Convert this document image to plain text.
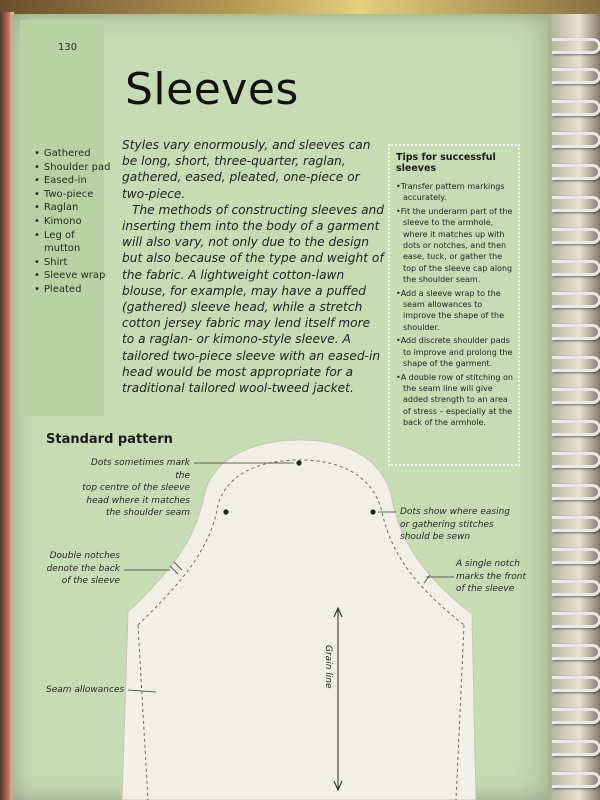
130
Sleeves
• Gathered
• Shoulder pad
• Eased-in
• Two-piece
• Raglan
• Kimono
• Leg of
mutton
• Shirt
• Sleeve wrap
• Pleated

Styles vary enormously, and sleeves can be long, short, three-quarter, raglan, gathered, eased, pleated, one-piece or two-piece.

The methods of constructing sleeves and inserting them into the body of a garment will also vary, not only due to the design but also because of the type and weight of the fabric. A lightweight cotton-lawn blouse, for example, may have a puffed (gathered) sleeve head, while a stretch cotton jersey fabric may lend itself more to a raglan- or kimono-style sleeve. A tailored two-piece sleeve with an eased-in head would be most appropriate for a traditional tailored wool-tweed jacket.

Tips for successful sleeves
• Transfer pattern markings accurately.
• Fit the underarm part of the sleeve to the armhole, where it matches up with dots or notches, and then ease, tuck, or gather the top of the sleeve cap along the shoulder seam.
• Add a sleeve wrap to the seam allowances to improve the shape of the shoulder.
• Add discrete shoulder pads to improve and prolong the shape of the garment.
• A double row of stitching on the seam line will give added strength to an area of stress – especially at the back of the armhole.
Standard pattern
Grain line
Dots sometimes mark the
top centre of the sleeve
head where it matches
the shoulder seam	Dots show where easing
or gathering stitches
should be sewn
Double notches
denote the back
of the sleeve
A single notch
marks the front
of the sleeve
Seam allowances
